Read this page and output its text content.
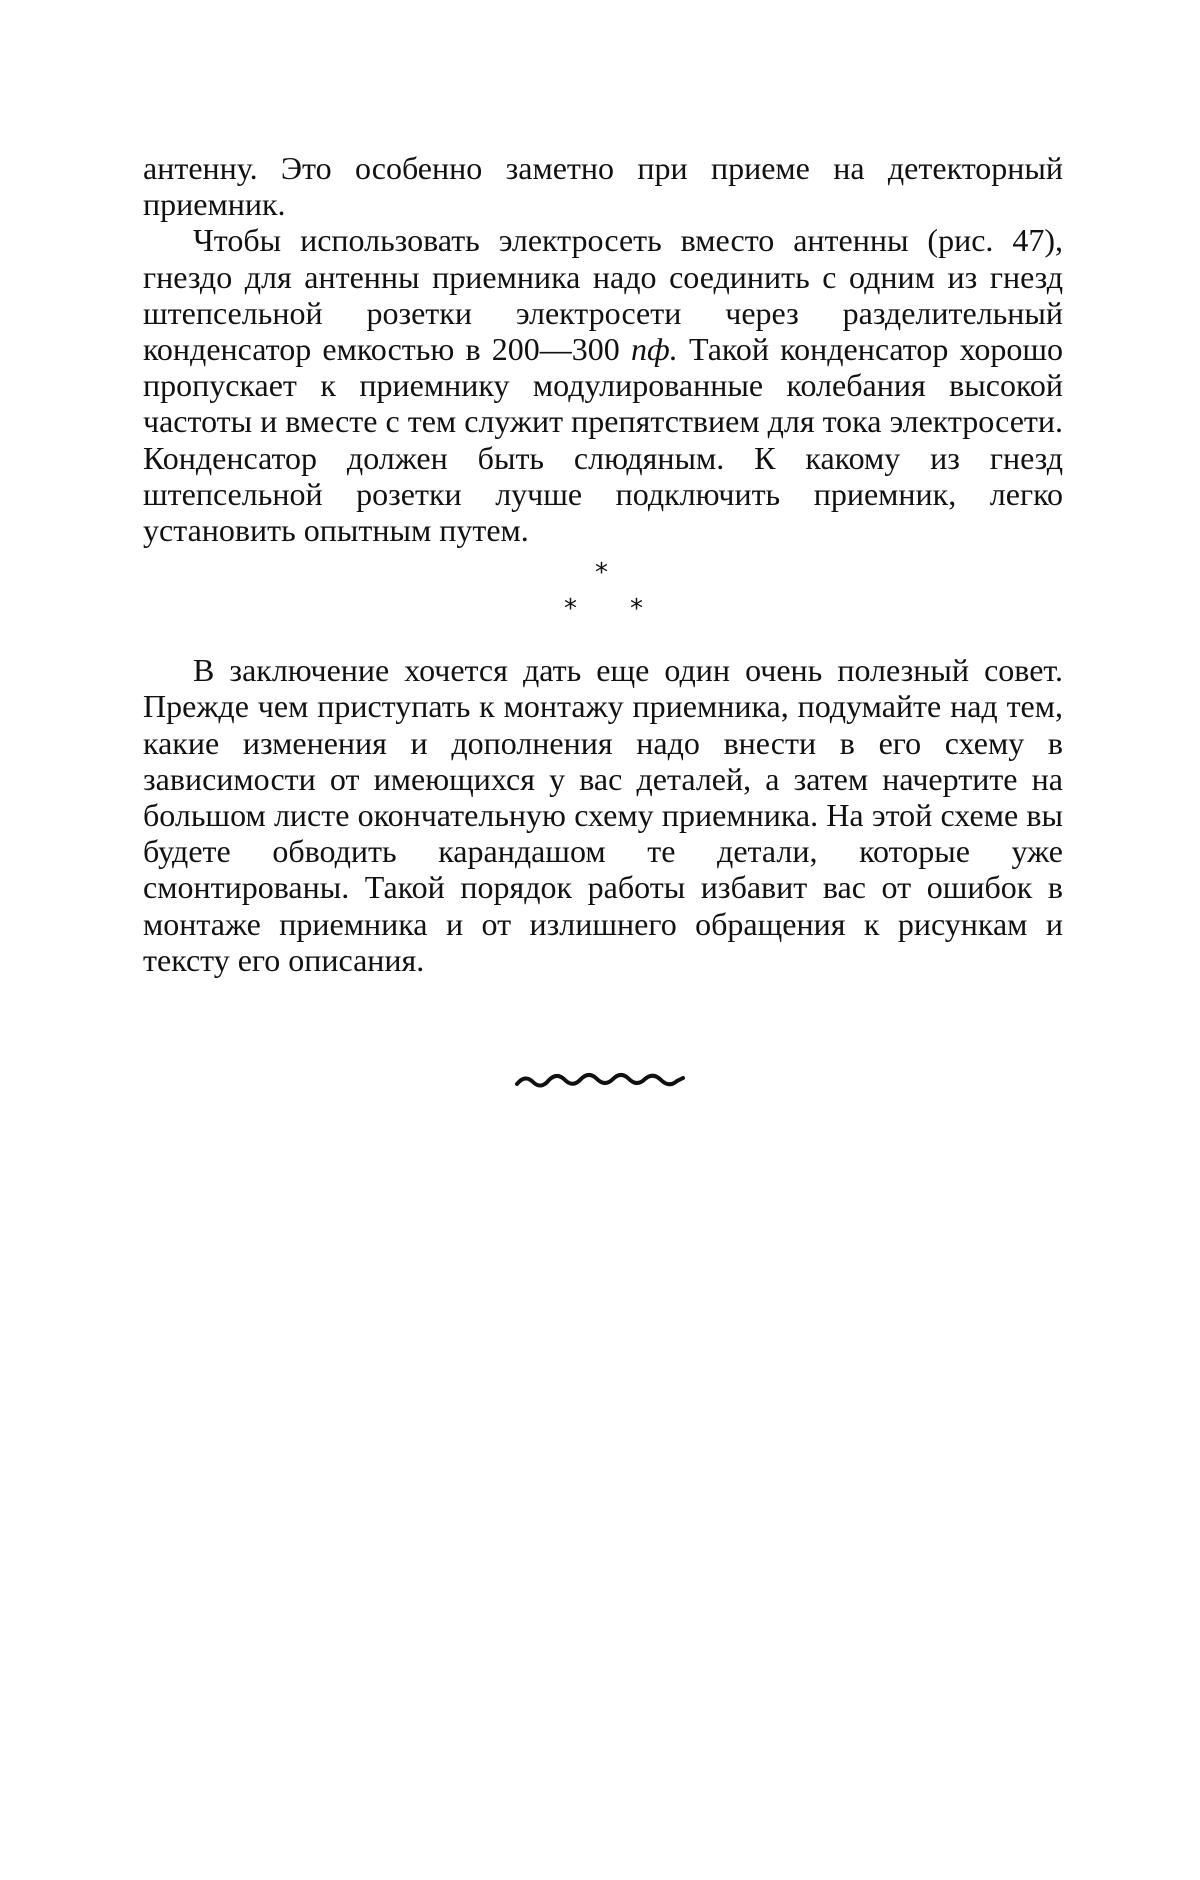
антенну. Это особенно заметно при приеме на детекторный приемник.

Чтобы использовать электросеть вместо антенны (рис. 47), гнездо для антенны приемника надо соединить с одним из гнезд штепсельной розетки электросети через разделительный конденсатор емкостью в 200—300 пф. Такой конденсатор хорошо пропускает к приемнику модулированные колебания высокой частоты и вместе с тем служит препятствием для тока электросети. Конденсатор должен быть слюдяным. К какому из гнезд штепсельной розетки лучше подключить приемник, легко установить опытным путем.

*
* *

В заключение хочется дать еще один очень полезный совет. Прежде чем приступать к монтажу приемника, подумайте над тем, какие изменения и дополнения надо внести в его схему в зависимости от имеющихся у вас деталей, а затем начертите на большом листе окончательную схему приемника. На этой схеме вы будете обводить карандашом те детали, которые уже смонтированы. Такой порядок работы избавит вас от ошибок в монтаже приемника и от излишнего обращения к рисункам и тексту его описания.
